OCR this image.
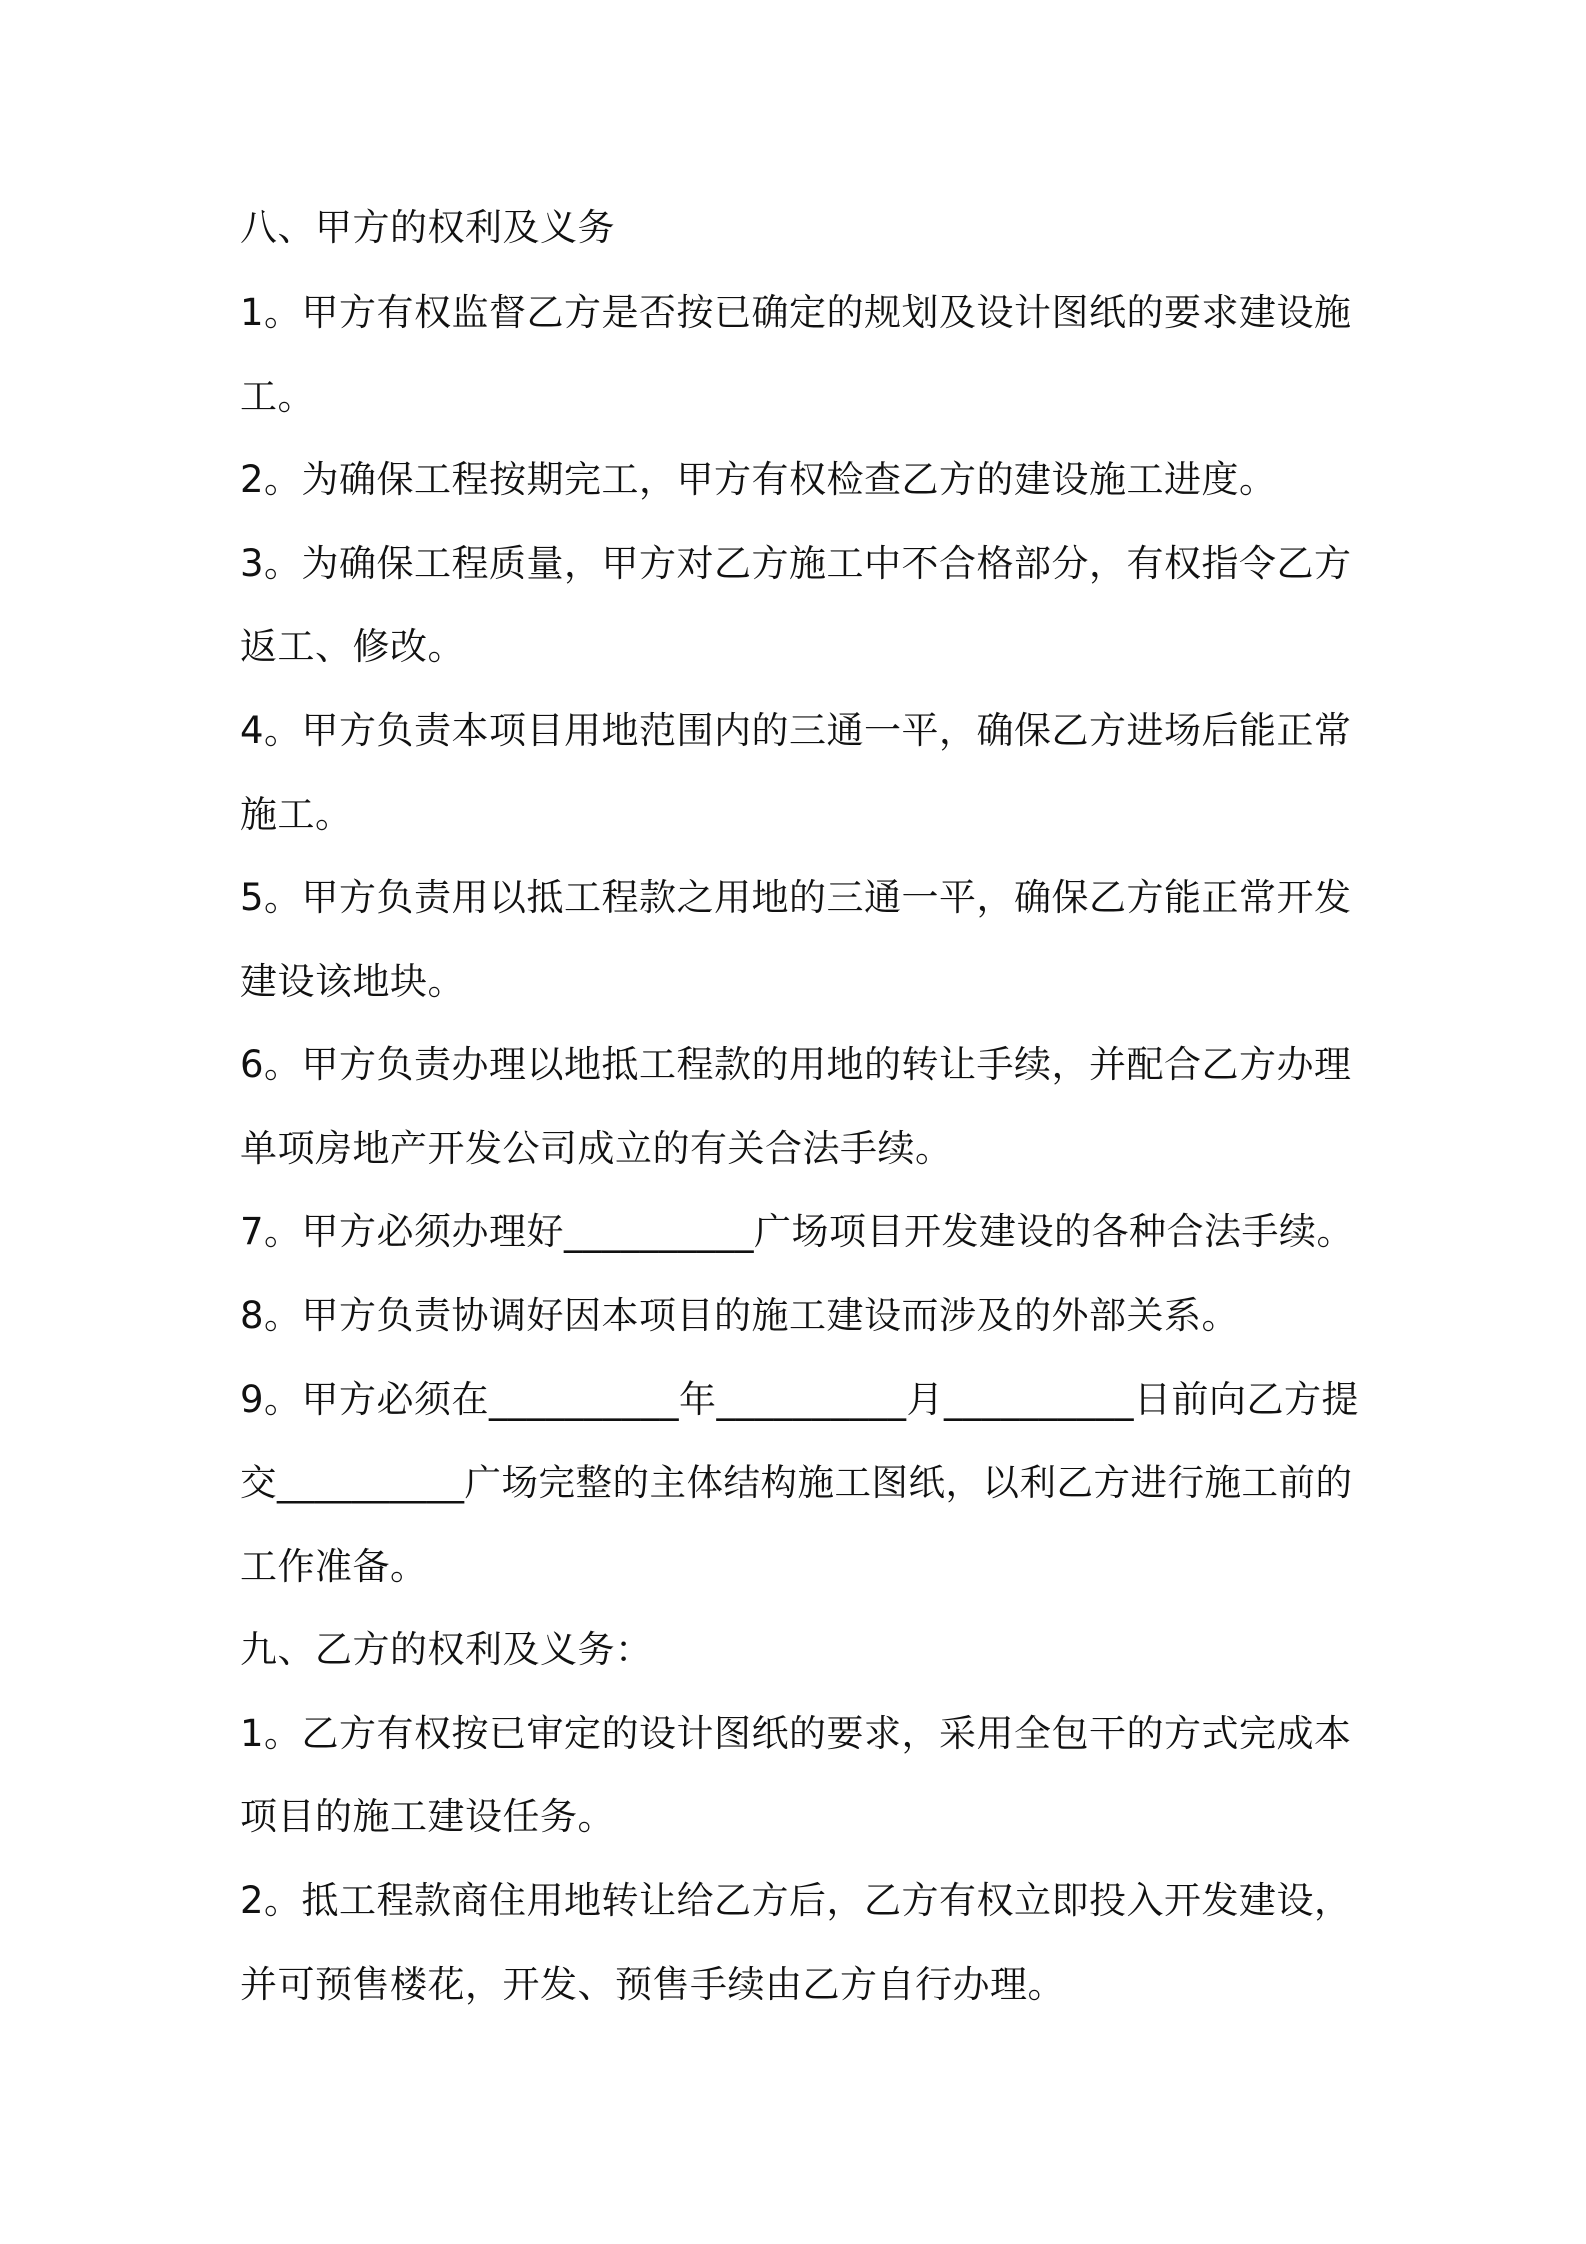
八、甲方的权利及义务
1。甲方有权监督乙方是否按已确定的规划及设计图纸的要求建设施
工。
2。为确保工程按期完工，甲方有权检查乙方的建设施工进度。
3。为确保工程质量，甲方对乙方施工中不合格部分，有权指令乙方
返工、修改。
4。甲方负责本项目用地范围内的三通一平，确保乙方进场后能正常
施工。
5。甲方负责用以抵工程款之用地的三通一平，确保乙方能正常开发
建设该地块。
6。甲方负责办理以地抵工程款的用地的转让手续，并配合乙方办理
单项房地产开发公司成立的有关合法手续。
7。甲方必须办理好__________广场项目开发建设的各种合法手续。
8。甲方负责协调好因本项目的施工建设而涉及的外部关系。
9。甲方必须在__________年__________月__________日前向乙方提
交__________广场完整的主体结构施工图纸，以利乙方进行施工前的
工作准备。
九、乙方的权利及义务：
1。乙方有权按已审定的设计图纸的要求，采用全包干的方式完成本
项目的施工建设任务。
2。抵工程款商住用地转让给乙方后，乙方有权立即投入开发建设，
并可预售楼花，开发、预售手续由乙方自行办理。
